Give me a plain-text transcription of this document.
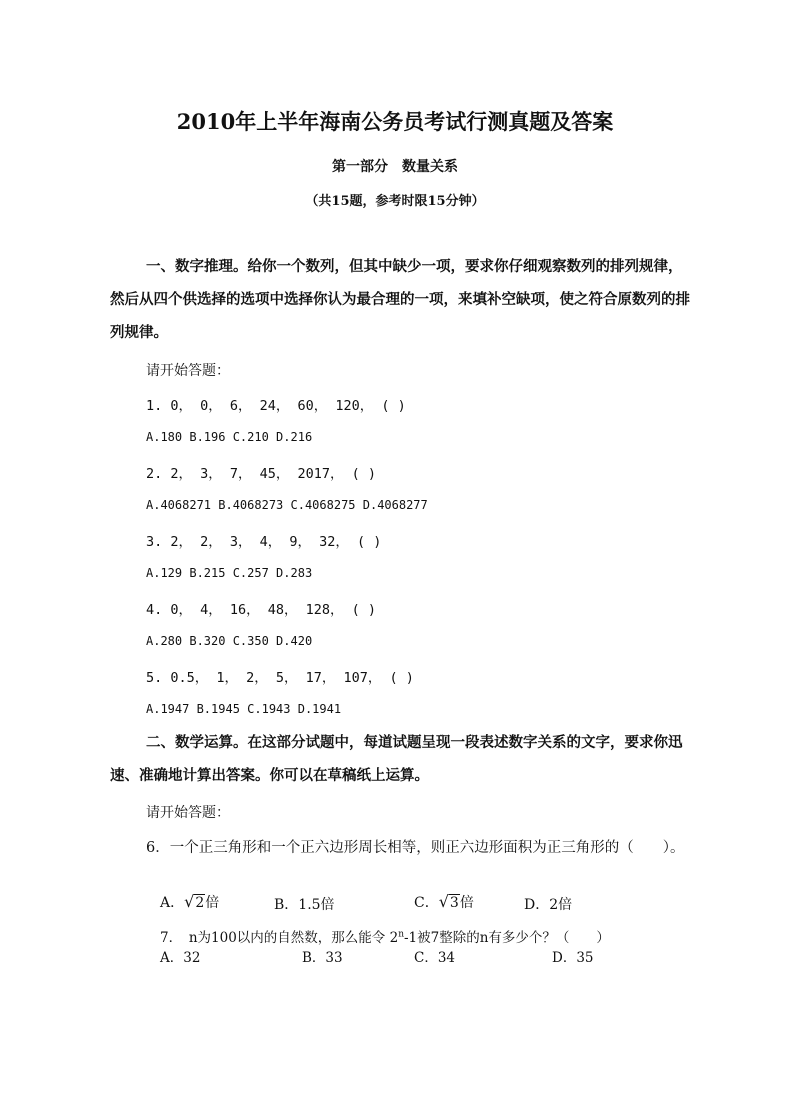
2010年上半年海南公务员考试行测真题及答案
第一部分　数量关系
（共15题，参考时限15分钟）
一、数字推理。给你一个数列，但其中缺少一项，要求你仔细观察数列的排列规律，然后从四个供选择的选项中选择你认为最合理的一项，来填补空缺项，使之符合原数列的排列规律。
请开始答题：
1. 0， 0， 6， 24， 60， 120， ( )
A.180 B.196 C.210 D.216
2. 2， 3， 7， 45， 2017， ( )
A.4068271 B.4068273 C.4068275 D.4068277
3. 2， 2， 3， 4， 9， 32， ( )
A.129 B.215 C.257 D.283
4. 0， 4， 16， 48， 128， ( )
A.280 B.320 C.350 D.420
5. 0.5， 1， 2， 5， 17， 107， ( )
A.1947 B.1945 C.1943 D.1941
二、数学运算。在这部分试题中，每道试题呈现一段表述数字关系的文字，要求你迅速、准确地计算出答案。你可以在草稿纸上运算。
请开始答题：
6．一个正三角形和一个正六边形周长相等，则正六边形面积为正三角形的（　　）。
A．√2倍	B．1.5倍	C．√3倍	D．2倍
7．　n为100以内的自然数，那么能令 2$^n$-1被7整除的n有多少个？（　　）
A．32	B．33	C．34	D．35
